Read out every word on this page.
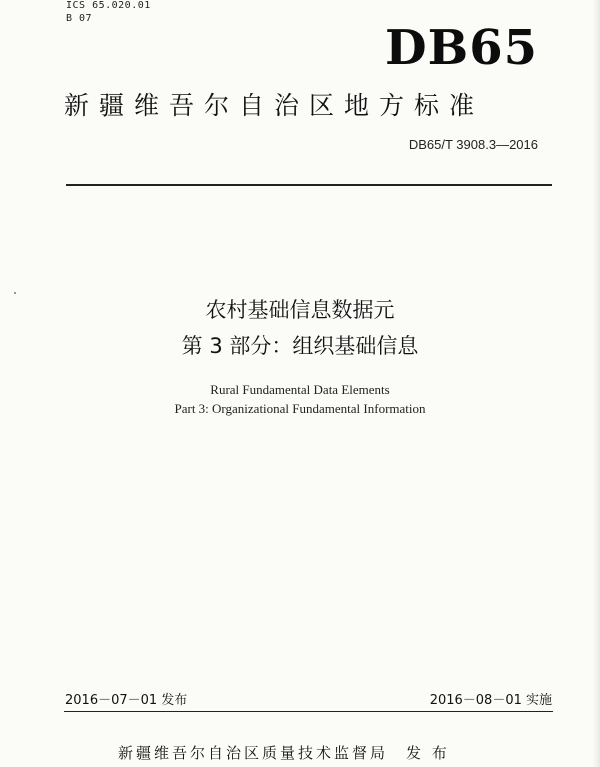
ICS 65.020.01
B 07
DB65
新疆维吾尔自治区地方标准
DB65/T 3908.3—2016
农村基础信息数据元
第 3 部分：组织基础信息
Rural Fundamental Data Elements
Part 3: Organizational Fundamental Information
2016－07－01 发布	2016－08－01 实施
新疆维吾尔自治区质量技术监督局　发 布
